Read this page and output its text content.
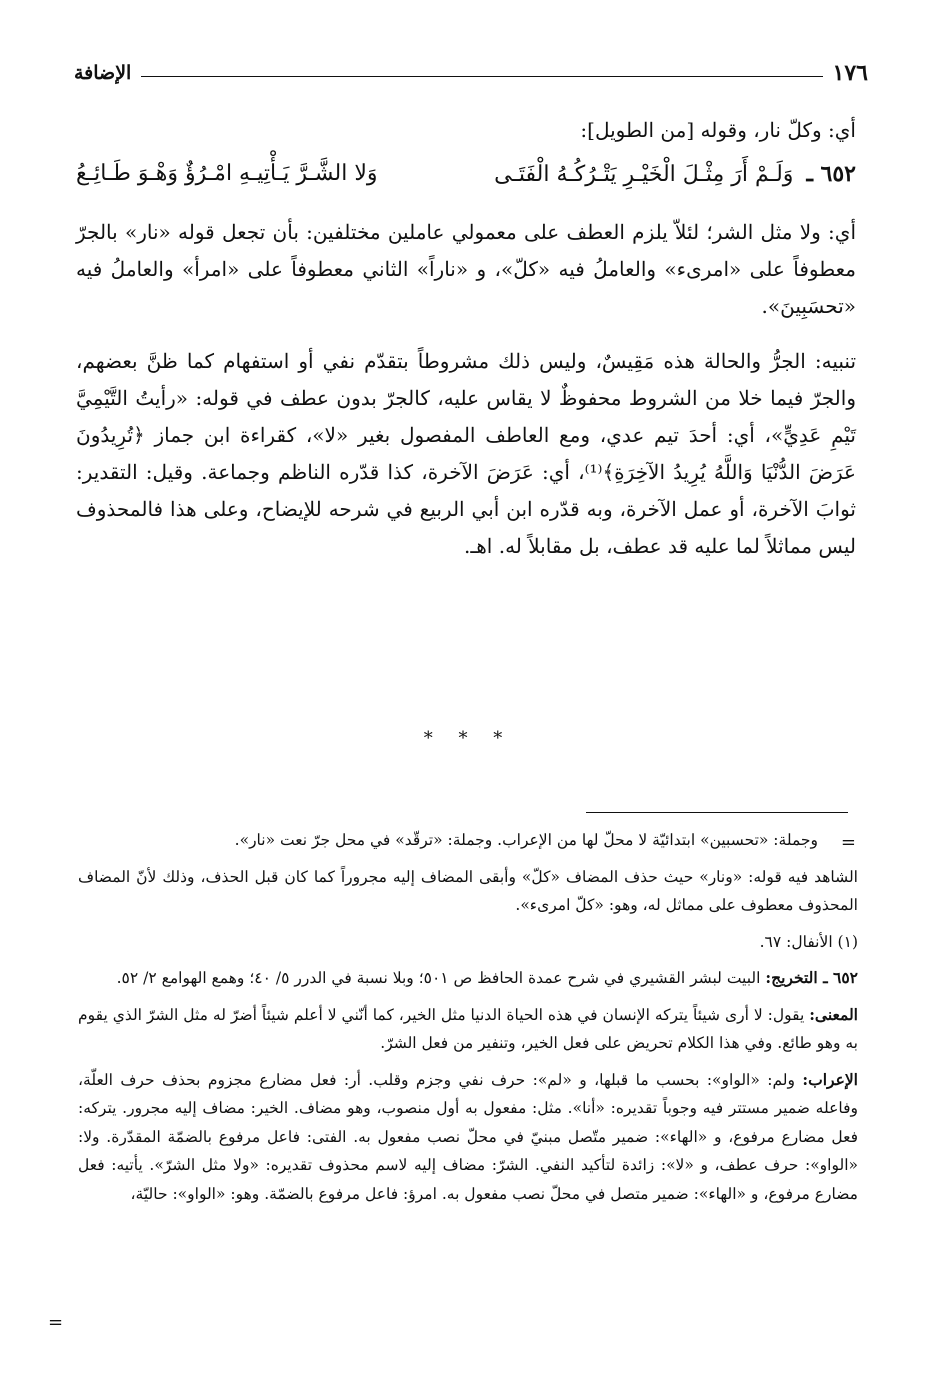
١٧٦
الإضافة

أي: وكلّ نار، وقوله [من الطويل]:

٦٥٢ ـ وَلَـمْ أَرَ مِثْـلَ الْخَيْـرِ يَتْـرُكُـهُ الْفَتَـى
وَلا الشَّـرَّ يَـأْتِيـهِ امْـرُؤٌ وَهْـوَ طَـائِـعُ

أي: ولا مثل الشر؛ لئلاّ يلزم العطف على معمولي عاملين مختلفين: بأن تجعل قوله «نار» بالجرّ معطوفاً على «امرىء» والعاملُ فيه «كلّ»، و «ناراً» الثاني معطوفاً على «امرأ» والعاملُ فيه «تحسَبِينَ».

تنبيه: الجرُّ والحالة هذه مَقِيسٌ، وليس ذلك مشروطاً بتقدّم نفي أو استفهام كما ظنَّ بعضهم، والجرّ فيما خلا من الشروط محفوظٌ لا يقاس عليه، كالجرّ بدون عطف في قوله: «رأيتُ التَّيْمِيَّ تَيْمِ عَدِيٍّ»، أي: أحدَ تيم عدي، ومع العاطف المفصول بغير «لا»، كقراءة ابن جماز ﴿تُرِيدُونَ عَرَضَ الدُّنْيَا وَاللَّهُ يُرِيدُ الآخِرَةِ﴾⁽¹⁾، أي: عَرَضَ الآخرة، كذا قدّره الناظم وجماعة. وقيل: التقدير: ثوابَ الآخرة، أو عمل الآخرة، وبه قدّره ابن أبي الربيع في شرحه للإيضاح، وعلى هذا فالمحذوف ليس مماثلاً لما عليه قد عطف، بل مقابلاً له. اهـ.

* * *
=

وجملة: «تحسبين» ابتدائيّة لا محلّ لها من الإعراب. وجملة: «ترقّد» في محل جرّ نعت «نار».

الشاهد فيه قوله: «ونار» حيث حذف المضاف «كلّ» وأبقى المضاف إليه مجروراً كما كان قبل الحذف، وذلك لأنّ المضاف المحذوف معطوف على مماثل له، وهو: «كلّ امرىء».

(١) الأنفال: ٦٧.

٦٥٢ ـ التخريج: البيت لبشر القشيري في شرح عمدة الحافظ ص ٥٠١؛ وبلا نسبة في الدرر ٥/ ٤٠؛ وهمع الهوامع ٢/ ٥٢.

المعنى: يقول: لا أرى شيئاً يتركه الإنسان في هذه الحياة الدنيا مثل الخير، كما أنّني لا أعلم شيئاً أضرّ له مثل الشرّ الذي يقوم به وهو طائع. وفي هذا الكلام تحريض على فعل الخير، وتنفير من فعل الشرّ.

الإعراب: ولم: «الواو»: بحسب ما قبلها، و «لم»: حرف نفي وجزم وقلب. أر: فعل مضارع مجزوم بحذف حرف العلّة، وفاعله ضمير مستتر فيه وجوباً تقديره: «أنا». مثل: مفعول به أول منصوب، وهو مضاف. الخير: مضاف إليه مجرور. يتركه: فعل مضارع مرفوع، و «الهاء»: ضمير متّصل مبنيّ في محلّ نصب مفعول به. الفتى: فاعل مرفوع بالضمّة المقدّرة. ولا: «الواو»: حرف عطف، و «لا»: زائدة لتأكيد النفي. الشرّ: مضاف إليه لاسم محذوف تقديره: «ولا مثل الشرّ». يأتيه: فعل مضارع مرفوع، و «الهاء»: ضمير متصل في محلّ نصب مفعول به. امرؤ: فاعل مرفوع بالضمّة. وهو: «الواو»: حاليّة،

=
